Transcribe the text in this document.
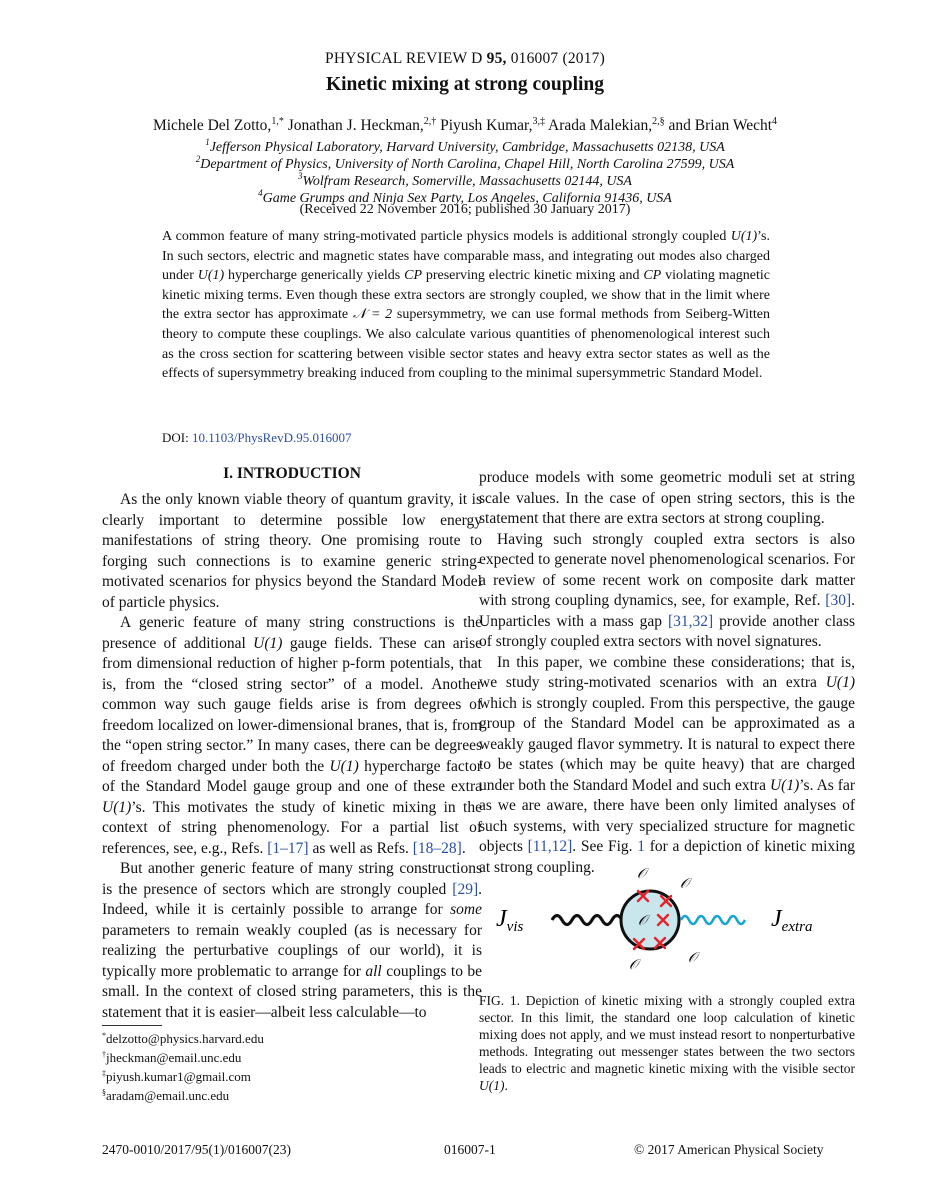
PHYSICAL REVIEW D 95, 016007 (2017)
Kinetic mixing at strong coupling
Michele Del Zotto,$^{1,*}$ Jonathan J. Heckman,$^{2,\dagger}$ Piyush Kumar,$^{3,\ddagger}$ Arada Malekian,$^{2,\S}$ and Brian Wecht$^4$
$^1$Jefferson Physical Laboratory, Harvard University, Cambridge, Massachusetts 02138, USA
$^2$Department of Physics, University of North Carolina, Chapel Hill, North Carolina 27599, USA
$^3$Wolfram Research, Somerville, Massachusetts 02144, USA
$^4$Game Grumps and Ninja Sex Party, Los Angeles, California 91436, USA
(Received 22 November 2016; published 30 January 2017)
A common feature of many string-motivated particle physics models is additional strongly coupled U(1)’s. In such sectors, electric and magnetic states have comparable mass, and integrating out modes also charged under U(1) hypercharge generically yields CP preserving electric kinetic mixing and CP violating magnetic kinetic mixing terms. Even though these extra sectors are strongly coupled, we show that in the limit where the extra sector has approximate 𝒩 = 2 supersymmetry, we can use formal methods from Seiberg-Witten theory to compute these couplings. We also calculate various quantities of phenomenological interest such as the cross section for scattering between visible sector states and heavy extra sector states as well as the effects of supersymmetry breaking induced from coupling to the minimal supersymmetric Standard Model.
DOI: 10.1103/PhysRevD.95.016007
I. INTRODUCTION

As the only known viable theory of quantum gravity, it is clearly important to determine possible low energy manifestations of string theory. One promising route to forging such connections is to examine generic string-motivated scenarios for physics beyond the Standard Model of particle physics.

A generic feature of many string constructions is the presence of additional U(1) gauge fields. These can arise from dimensional reduction of higher p-form potentials, that is, from the “closed string sector” of a model. Another common way such gauge fields arise is from degrees of freedom localized on lower-dimensional branes, that is, from the “open string sector.” In many cases, there can be degrees of freedom charged under both the U(1) hypercharge factor of the Standard Model gauge group and one of these extra U(1)’s. This motivates the study of kinetic mixing in the context of string phenomenology. For a partial list of references, see, e.g., Refs. [1–17] as well as Refs. [18–28].

But another generic feature of many string constructions is the presence of sectors which are strongly coupled [29]. Indeed, while it is certainly possible to arrange for some parameters to remain weakly coupled (as is necessary for realizing the perturbative couplings of our world), it is typically more problematic to arrange for all couplings to be small. In the context of closed string parameters, this is the statement that it is easier—albeit less calculable—to

produce models with some geometric moduli set at string scale values. In the case of open string sectors, this is the statement that there are extra sectors at strong coupling.

Having such strongly coupled extra sectors is also expected to generate novel phenomenological scenarios. For a review of some recent work on composite dark matter with strong coupling dynamics, see, for example, Ref. [30]. Unparticles with a mass gap [31,32] provide another class of strongly coupled extra sectors with novel signatures.

In this paper, we combine these considerations; that is, we study string-motivated scenarios with an extra U(1) which is strongly coupled. From this perspective, the gauge group of the Standard Model can be approximated as a weakly gauged flavor symmetry. It is natural to expect there to be states (which may be quite heavy) that are charged under both the Standard Model and such extra U(1)’s. As far as we are aware, there have been only limited analyses of such systems, with very specialized structure for magnetic objects [11,12]. See Fig. 1 for a depiction of kinetic mixing at strong coupling.

$J_{vis}$	$J_{extra}$
𝒪
𝒪
𝒪
𝒪	𝒪
FIG. 1. Depiction of kinetic mixing with a strongly coupled extra sector. In this limit, the standard one loop calculation of kinetic mixing does not apply, and we must instead resort to nonperturbative methods. Integrating out messenger states between the two sectors leads to electric and magnetic kinetic mixing with the visible sector U(1).
*delzotto@physics.harvard.edu
†jheckman@email.unc.edu
‡piyush.kumar1@gmail.com
§aradam@email.unc.edu
2470-0010/2017/95(1)/016007(23)	016007-1	© 2017 American Physical Society
